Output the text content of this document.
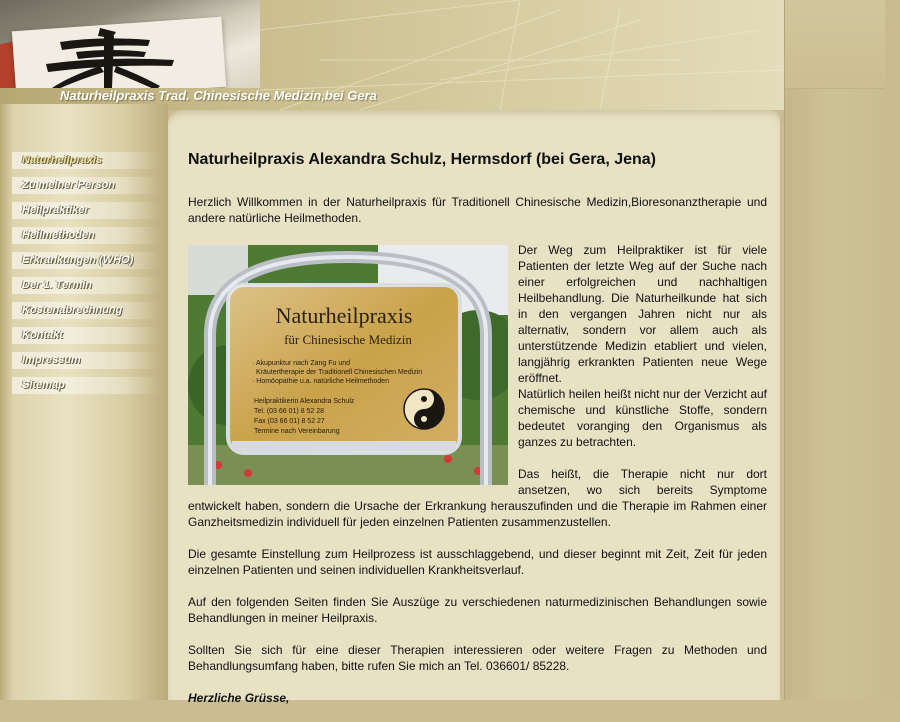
Naturheilpraxis Trad. Chinesische Medizin,bei Gera
Naturheilpraxis
Zu meiner Person
Heilpraktiker
Heilmethoden
Erkrankungen (WHO)
Der 1. Termin
Kostenabrechnung
Kontakt
Impressum
Sitemap
Naturheilpraxis Alexandra Schulz, Hermsdorf (bei Gera, Jena)

Herzlich Willkommen in der Naturheilpraxis für Traditionell Chinesische Medizin,Bioresonanztherapie und andere natürliche Heilmethoden.

Naturheilpraxis
für Chinesische Medizin
· Akupunktur nach Zang Fu und
Kräutertherapie der Traditionell Chinesischen Medizin
· Homöopathie u.a. natürliche Heilmethoden
Heilpraktikerin Alexandra Schulz
Tel. (03 66 01) 8 52 28
Fax (03 66 01) 8 52 27
Termine nach Vereinbarung

Der Weg zum Heilpraktiker ist für viele Patienten der letzte Weg auf der Suche nach einer erfolgreichen und nachhaltigen Heilbehandlung. Die Naturheilkunde hat sich in den vergangen Jahren nicht nur als alternativ, sondern vor allem auch als unterstützende Medizin etabliert und vielen, langjährig erkrankten Patienten neue Wege eröffnet.
Natürlich heilen heißt nicht nur der Verzicht auf chemische und künstliche Stoffe, sondern bedeutet voranging den Organismus als ganzes zu betrachten.

Das heißt, die Therapie nicht nur dort ansetzen, wo sich bereits Symptome entwickelt haben, sondern die Ursache der Erkrankung herauszufinden und die Therapie im Rahmen einer Ganzheitsmedizin individuell für jeden einzelnen Patienten zusammenzustellen.

Die gesamte Einstellung zum Heilprozess ist ausschlaggebend, und dieser beginnt mit Zeit, Zeit für jeden einzelnen Patienten und seinen individuellen Krankheitsverlauf.

Auf den folgenden Seiten finden Sie Auszüge zu verschiedenen naturmedizinischen Behandlungen sowie Behandlungen in meiner Heilpraxis.

Sollten Sie sich für eine dieser Therapien interessieren oder weitere Fragen zu Methoden und Behandlungsumfang haben, bitte rufen Sie mich an Tel. 036601/ 85228.

Herzliche Grüsse,
